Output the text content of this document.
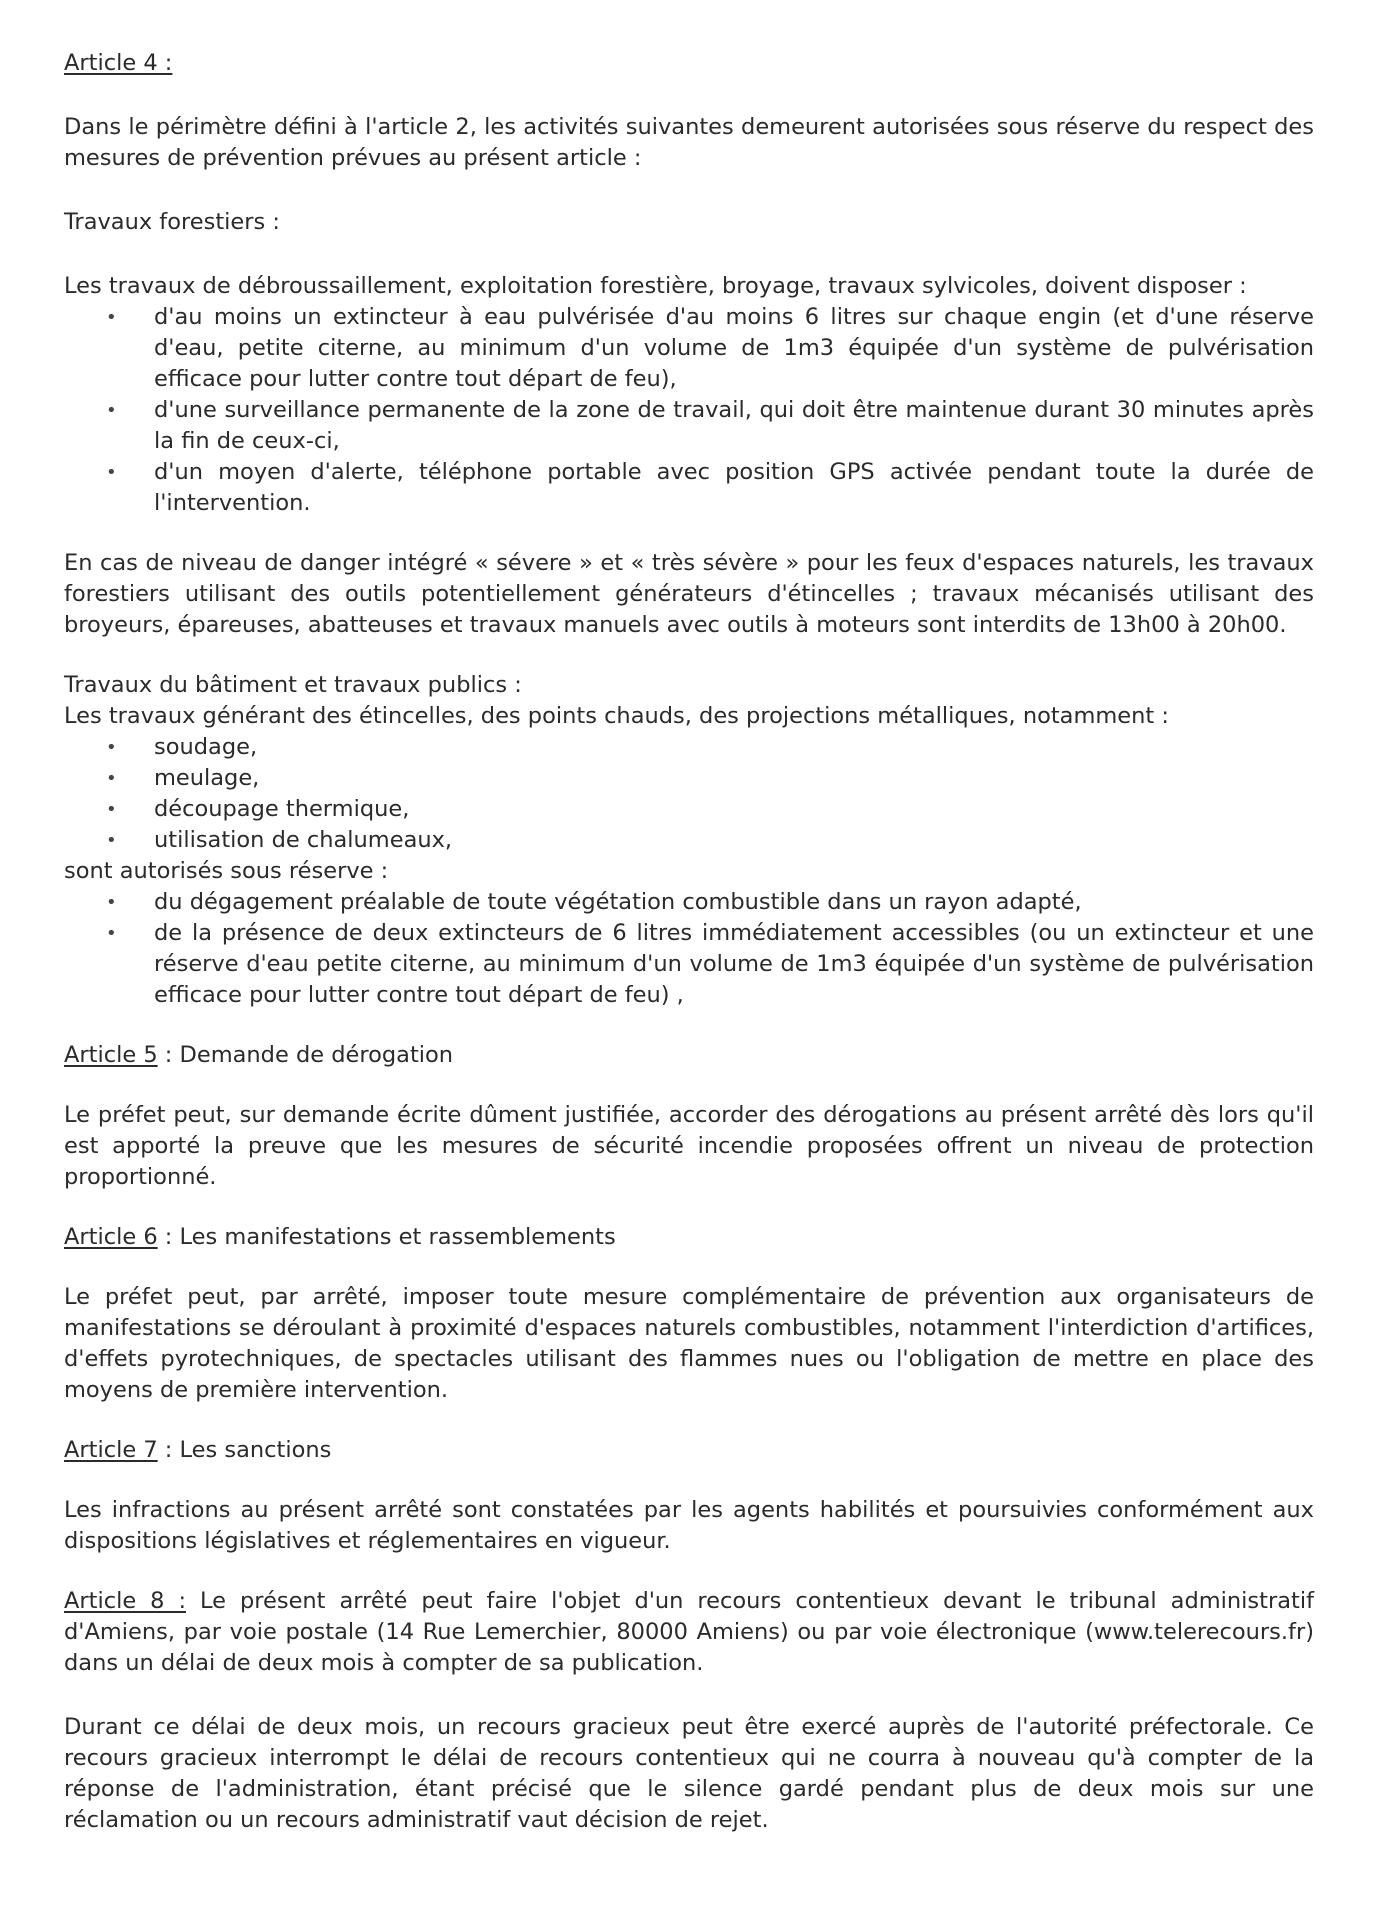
Article 4 :

Dans le périmètre défini à l'article 2, les activités suivantes demeurent autorisées sous réserve du respect des mesures de prévention prévues au présent article :

Travaux forestiers :

Les travaux de débroussaillement, exploitation forestière, broyage, travaux sylvicoles, doivent disposer :

• d'au moins un extincteur à eau pulvérisée d'au moins 6 litres sur chaque engin (et d'une réserve d'eau, petite citerne, au minimum d'un volume de 1m3 équipée d'un système de pulvérisation efficace pour lutter contre tout départ de feu),
• d'une surveillance permanente de la zone de travail, qui doit être maintenue durant 30 minutes après la fin de ceux-ci,
• d'un moyen d'alerte, téléphone portable avec position GPS activée pendant toute la durée de l'intervention.

En cas de niveau de danger intégré « sévere » et « très sévère » pour les feux d'espaces naturels, les travaux forestiers utilisant des outils potentiellement générateurs d'étincelles ; travaux mécanisés utilisant des broyeurs, épareuses, abatteuses et travaux manuels avec outils à moteurs sont interdits de 13h00 à 20h00.

Travaux du bâtiment et travaux publics :

Les travaux générant des étincelles, des points chauds, des projections métalliques, notamment :

• soudage,
• meulage,
• découpage thermique,
• utilisation de chalumeaux,

sont autorisés sous réserve :

• du dégagement préalable de toute végétation combustible dans un rayon adapté,
• de la présence de deux extincteurs de 6 litres immédiatement accessibles (ou un extincteur et une réserve d'eau petite citerne, au minimum d'un volume de 1m3 équipée d'un système de pulvérisation efficace pour lutter contre tout départ de feu) ,

Article 5 : Demande de dérogation

Le préfet peut, sur demande écrite dûment justifiée, accorder des dérogations au présent arrêté dès lors qu'il est apporté la preuve que les mesures de sécurité incendie proposées offrent un niveau de protection proportionné.

Article 6 : Les manifestations et rassemblements

Le préfet peut, par arrêté, imposer toute mesure complémentaire de prévention aux organisateurs de manifestations se déroulant à proximité d'espaces naturels combustibles, notamment l'interdiction d'artifices, d'effets pyrotechniques, de spectacles utilisant des flammes nues ou l'obligation de mettre en place des moyens de première intervention.

Article 7 : Les sanctions

Les infractions au présent arrêté sont constatées par les agents habilités et poursuivies conformément aux dispositions législatives et réglementaires en vigueur.

Article 8 : Le présent arrêté peut faire l'objet d'un recours contentieux devant le tribunal administratif d'Amiens, par voie postale (14 Rue Lemerchier, 80000 Amiens) ou par voie électronique (www.telerecours.fr) dans un délai de deux mois à compter de sa publication.

Durant ce délai de deux mois, un recours gracieux peut être exercé auprès de l'autorité préfectorale. Ce recours gracieux interrompt le délai de recours contentieux qui ne courra à nouveau qu'à compter de la réponse de l'administration, étant précisé que le silence gardé pendant plus de deux mois sur une réclamation ou un recours administratif vaut décision de rejet.
